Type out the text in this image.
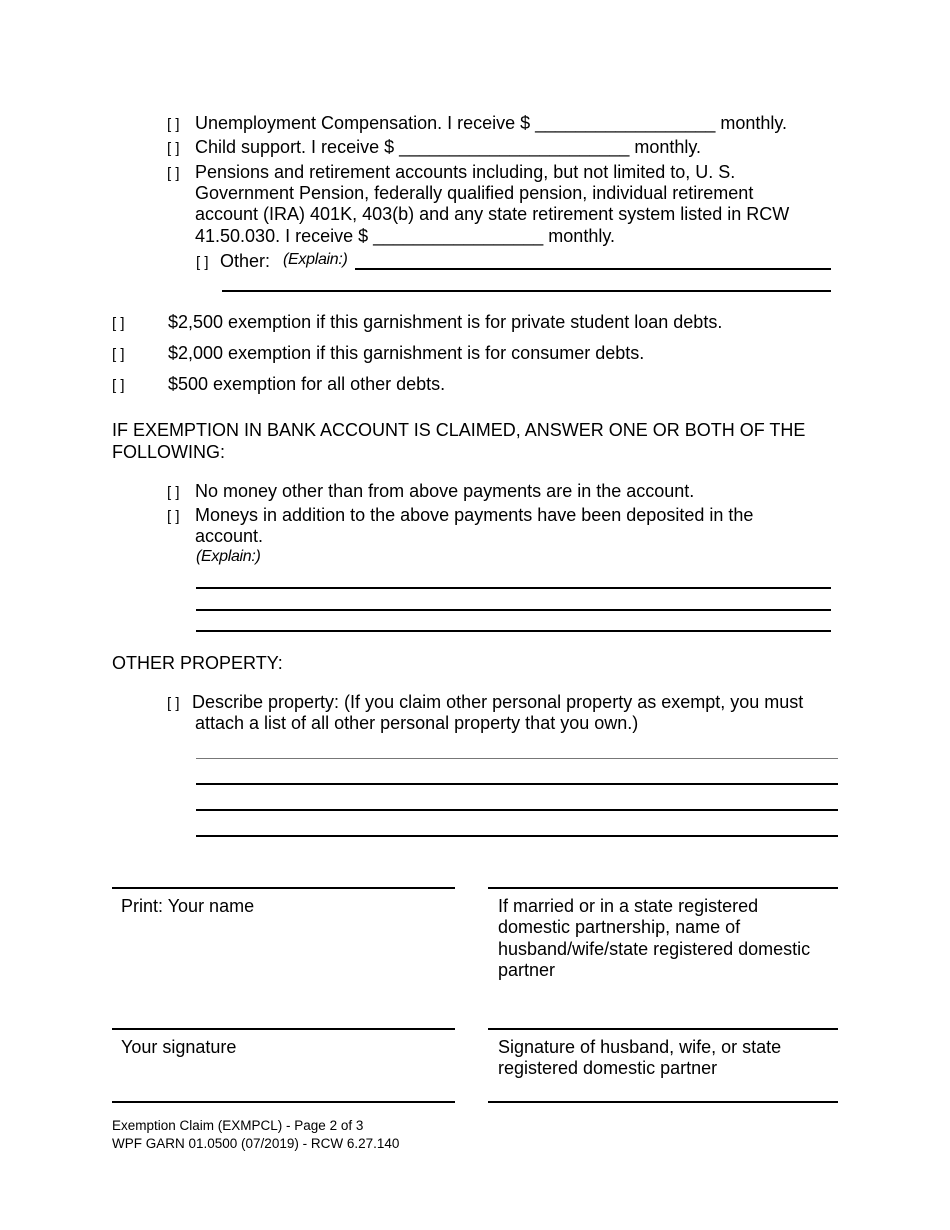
[ ] Unemployment Compensation. I receive $ __________________ monthly.
[ ] Child support. I receive $ _______________________ monthly.
[ ] Pensions and retirement accounts including, but not limited to, U. S.
Government Pension, federally qualified pension, individual retirement
account (IRA) 401K, 403(b) and any state retirement system listed in RCW
41.50.030. I receive $ _________________ monthly.
[ ] Other: (Explain:)
[ ] $2,500 exemption if this garnishment is for private student loan debts.
[ ] $2,000 exemption if this garnishment is for consumer debts.
[ ] $500 exemption for all other debts.
IF EXEMPTION IN BANK ACCOUNT IS CLAIMED, ANSWER ONE OR BOTH OF THE
FOLLOWING:
[ ] No money other than from above payments are in the account.
[ ] Moneys in addition to the above payments have been deposited in the
account.
(Explain:)
OTHER PROPERTY:
[ ] Describe property: (If you claim other personal property as exempt, you must
attach a list of all other personal property that you own.)
Print: Your name	If married or in a state registered
domestic partnership, name of
husband/wife/state registered domestic
partner
Your signature	Signature of husband, wife, or state
registered domestic partner
Exemption Claim (EXMPCL) - Page 2 of 3
WPF GARN 01.0500 (07/2019) - RCW 6.27.140
